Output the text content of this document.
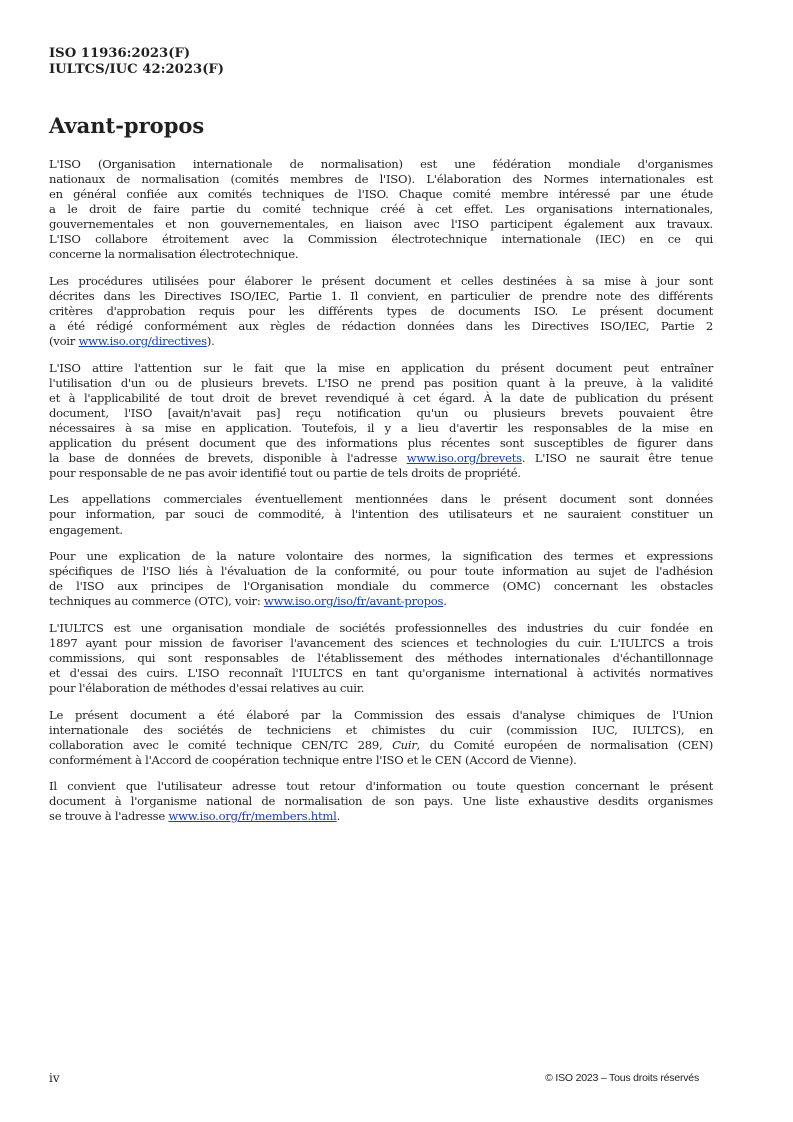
ISO 11936:2023(F)
IULTCS/IUC 42:2023(F)
Avant-propos

L'ISO (Organisation internationale de normalisation) est une fédération mondiale d'organismes
nationaux de normalisation (comités membres de l'ISO). L'élaboration des Normes internationales est
en général confiée aux comités techniques de l'ISO. Chaque comité membre intéressé par une étude
a le droit de faire partie du comité technique créé à cet effet. Les organisations internationales,
gouvernementales et non gouvernementales, en liaison avec l'ISO participent également aux travaux.
L'ISO collabore étroitement avec la Commission électrotechnique internationale (IEC) en ce qui
concerne la normalisation électrotechnique.

Les procédures utilisées pour élaborer le présent document et celles destinées à sa mise à jour sont
décrites dans les Directives ISO/IEC, Partie 1. Il convient, en particulier de prendre note des différents
critères d'approbation requis pour les différents types de documents ISO. Le présent document
a été rédigé conformément aux règles de rédaction données dans les Directives ISO/IEC, Partie 2
(voir www.iso.org/directives).

L'ISO attire l'attention sur le fait que la mise en application du présent document peut entraîner
l'utilisation d'un ou de plusieurs brevets. L'ISO ne prend pas position quant à la preuve, à la validité
et à l'applicabilité de tout droit de brevet revendiqué à cet égard. À la date de publication du présent
document, l'ISO [avait/n'avait pas] reçu notification qu'un ou plusieurs brevets pouvaient être
nécessaires à sa mise en application. Toutefois, il y a lieu d'avertir les responsables de la mise en
application du présent document que des informations plus récentes sont susceptibles de figurer dans
la base de données de brevets, disponible à l'adresse www.iso.org/brevets. L'ISO ne saurait être tenue
pour responsable de ne pas avoir identifié tout ou partie de tels droits de propriété.

Les appellations commerciales éventuellement mentionnées dans le présent document sont données
pour information, par souci de commodité, à l'intention des utilisateurs et ne sauraient constituer un
engagement.

Pour une explication de la nature volontaire des normes, la signification des termes et expressions
spécifiques de l'ISO liés à l'évaluation de la conformité, ou pour toute information au sujet de l'adhésion
de l'ISO aux principes de l'Organisation mondiale du commerce (OMC) concernant les obstacles
techniques au commerce (OTC), voir: www.iso.org/iso/fr/avant-propos.

L'IULTCS est une organisation mondiale de sociétés professionnelles des industries du cuir fondée en
1897 ayant pour mission de favoriser l'avancement des sciences et technologies du cuir. L'IULTCS a trois
commissions, qui sont responsables de l'établissement des méthodes internationales d'échantillonnage
et d'essai des cuirs. L'ISO reconnaît l'IULTCS en tant qu'organisme international à activités normatives
pour l'élaboration de méthodes d'essai relatives au cuir.

Le présent document a été élaboré par la Commission des essais d'analyse chimiques de l'Union
internationale des sociétés de techniciens et chimistes du cuir (commission IUC, IULTCS), en
collaboration avec le comité technique CEN/TC 289, Cuir, du Comité européen de normalisation (CEN)
conformément à l'Accord de coopération technique entre l'ISO et le CEN (Accord de Vienne).

Il convient que l'utilisateur adresse tout retour d'information ou toute question concernant le présent
document à l'organisme national de normalisation de son pays. Une liste exhaustive desdits organismes
se trouve à l'adresse www.iso.org/fr/members.html.

iv	© ISO 2023 – Tous droits réservés
